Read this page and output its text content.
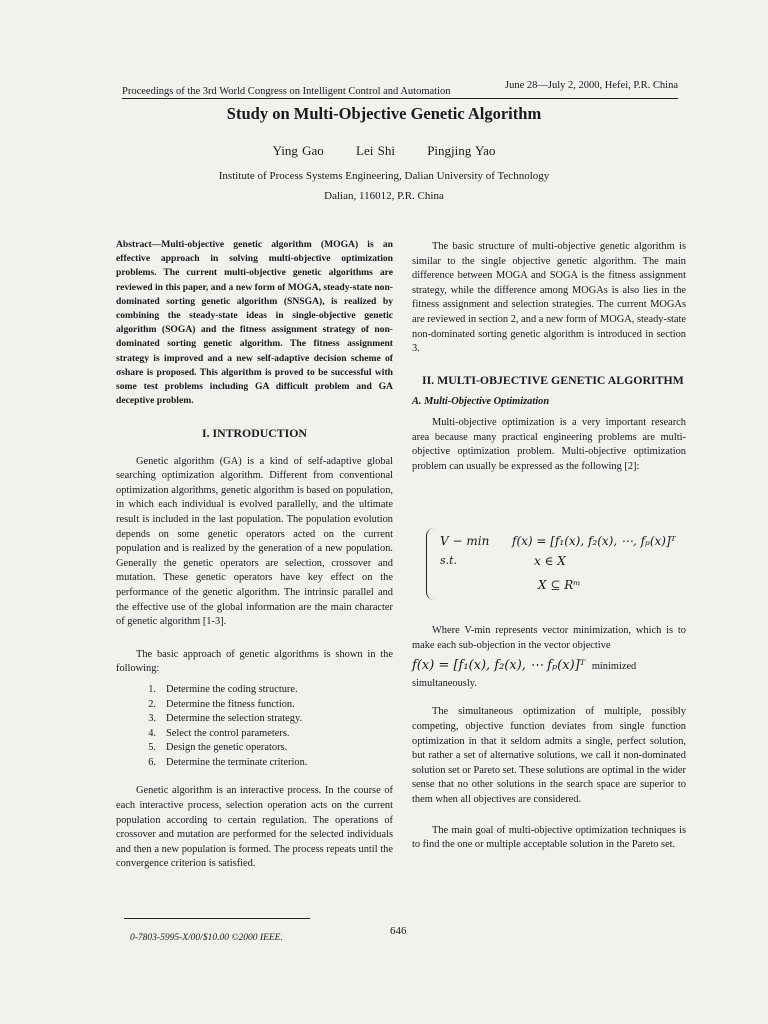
Proceedings of the 3rd World Congress on Intelligent Control and Automation
June 28—July 2, 2000, Hefei, P.R. China
Study on Multi-Objective Genetic Algorithm
Ying Gao Lei Shi Pingjing Yao
Institute of Process Systems Engineering, Dalian University of Technology
Dalian, 116012, P.R. China
Abstract—Multi-objective genetic algorithm (MOGA) is an effective approach in solving multi-objective optimization problems. The current multi-objective genetic algorithms are reviewed in this paper, and a new form of MOGA, steady-state non-dominated sorting genetic algorithm (SNSGA), is realized by combining the steady-state ideas in single-objective genetic algorithm (SOGA) and the fitness assignment strategy of non-dominated sorting genetic algorithm. The fitness assignment strategy is improved and a new self-adaptive decision scheme of σshare is proposed. This algorithm is proved to be successful with some test problems including GA difficult problem and GA deceptive problem.
I. INTRODUCTION

Genetic algorithm (GA) is a kind of self-adaptive global searching optimization algorithm. Different from conventional optimization algorithms, genetic algorithm is based on population, in which each individual is evolved parallelly, and the ultimate result is included in the last population. The population evolution depends on some genetic operators acted on the current population and is realized by the generation of a new population. Generally the genetic operators are selection, crossover and mutation. These genetic operators have key effect on the performance of the genetic algorithm. The intrinsic parallel and the effective use of the global information are the main character of genetic algorithm [1-3].

The basic approach of genetic algorithms is shown in the following:

1. Determine the coding structure.
2. Determine the fitness function.
3. Determine the selection strategy.
4. Select the control parameters.
5. Design the genetic operators.
6. Determine the terminate criterion.

Genetic algorithm is an interactive process. In the course of each interactive process, selection operation acts on the current population according to certain regulation. The operations of crossover and mutation are performed for the selected individuals and then a new population is formed. The process repeats until the convergence criterion is satisfied.

The basic structure of multi-objective genetic algorithm is similar to the single objective genetic algorithm. The main difference between MOGA and SOGA is the fitness assignment strategy, while the difference among MOGAs is also lies in the fitness assignment and selection strategies. The current MOGAs are reviewed in section 2, and a new form of MOGA, steady-state non-dominated sorting genetic algorithm is introduced in section 3.

II. MULTI-OBJECTIVE GENETIC ALGORITHM
A. Multi-Objective Optimization

Multi-objective optimization is a very important research area because many practical engineering problems are multi-objective optimization problem. Multi-objective optimization problem can usually be expressed as the following [2]:

V − min
s.t.
f(x) = [f₁(x), f₂(x), ⋯, fₚ(x)]ᵀ
x ∈ X
X ⊆ Rᵐ

Where V-min represents vector minimization, which is to make each sub-objection in the vector objective

f(x) = [f₁(x), f₂(x), ⋯ fₚ(x)]ᵀ minimized
simultaneously.

The simultaneous optimization of multiple, possibly competing, objective function deviates from single function optimization in that it seldom admits a single, perfect solution, but rather a set of alternative solutions, we call it non-dominated solution set or Pareto set. These solutions are optimal in the wider sense that no other solutions in the search space are superior to them when all objectives are considered.

The main goal of multi-objective optimization techniques is to find the one or multiple acceptable solution in the Pareto set.

0-7803-5995-X/00/$10.00 ©2000 IEEE.
646
